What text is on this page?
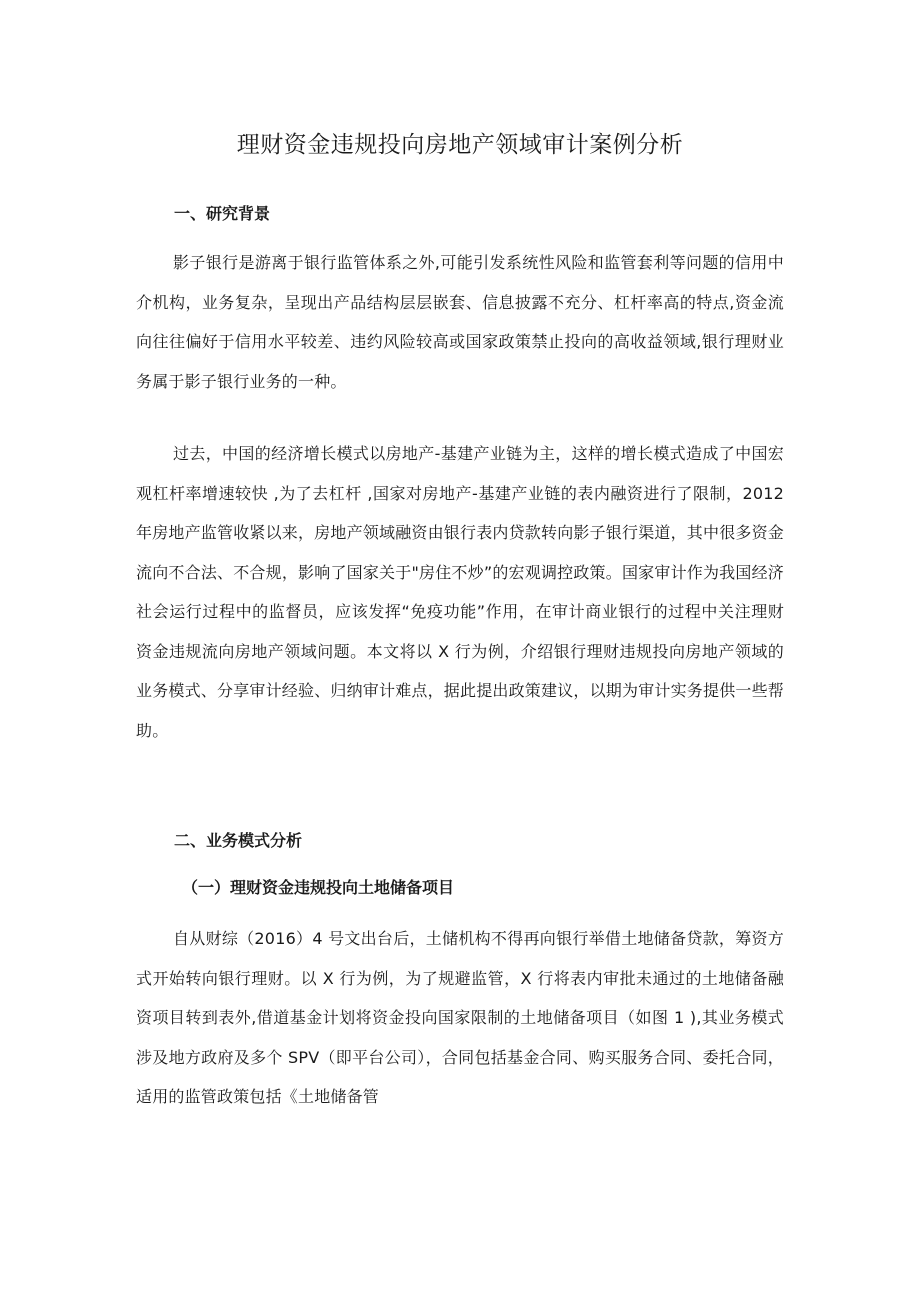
理财资金违规投向房地产领域审计案例分析
一、研究背景

影子银行是游离于银行监管体系之外,可能引发系统性风险和监管套利等问题的信用中介机构，业务复杂，呈现出产品结构层层嵌套、信息披露不充分、杠杆率高的特点,资金流向往往偏好于信用水平较差、违约风险较高或国家政策禁止投向的高收益领域,银行理财业务属于影子银行业务的一种。

过去，中国的经济增长模式以房地产-基建产业链为主，这样的增长模式造成了中国宏观杠杆率增速较快 ,为了去杠杆 ,国家对房地产-基建产业链的表内融资进行了限制，2012 年房地产监管收紧以来，房地产领域融资由银行表内贷款转向影子银行渠道，其中很多资金流向不合法、不合规，影响了国家关于"房住不炒”的宏观调控政策。国家审计作为我国经济社会运行过程中的监督员，应该发挥“免疫功能”作用，在审计商业银行的过程中关注理财资金违规流向房地产领域问题。本文将以 X 行为例，介绍银行理财违规投向房地产领域的业务模式、分享审计经验、归纳审计难点，据此提出政策建议，以期为审计实务提供一些帮助。

二、业务模式分析
（一）理财资金违规投向土地储备项目

自从财综（2016）4 号文出台后，土储机构不得再向银行举借土地储备贷款，筹资方式开始转向银行理财。以 X 行为例，为了规避监管，X 行将表内审批未通过的土地储备融资项目转到表外,借道基金计划将资金投向国家限制的土地储备项目（如图 1 ),其业务模式涉及地方政府及多个 SPV（即平台公司），合同包括基金合同、购买服务合同、委托合同，适用的监管政策包括《土地储备管
